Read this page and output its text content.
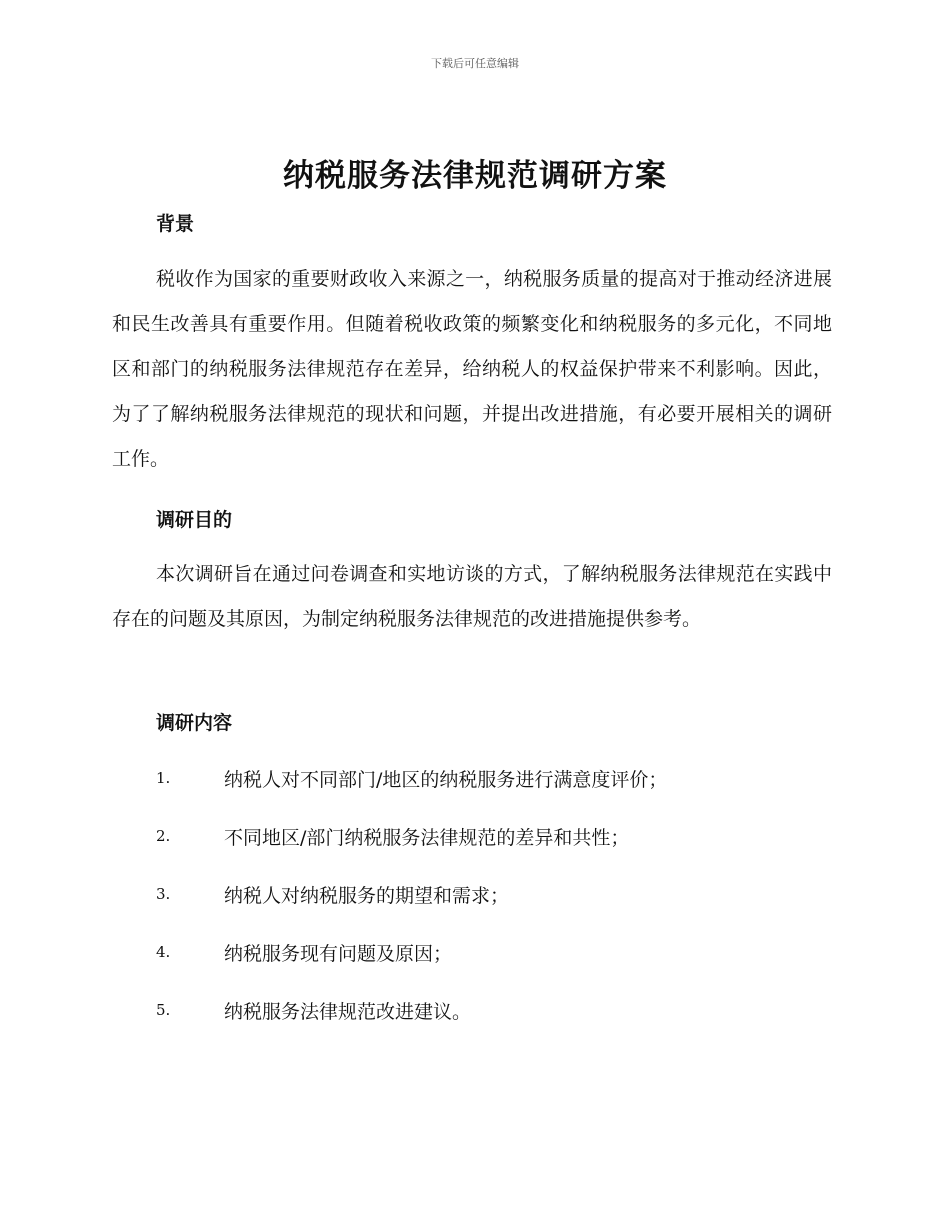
下载后可任意编辑
纳税服务法律规范调研方案
背景

税收作为国家的重要财政收入来源之一，纳税服务质量的提高对于推动经济进展和民生改善具有重要作用。但随着税收政策的频繁变化和纳税服务的多元化，不同地区和部门的纳税服务法律规范存在差异，给纳税人的权益保护带来不利影响。因此，为了了解纳税服务法律规范的现状和问题，并提出改进措施，有必要开展相关的调研工作。

调研目的

本次调研旨在通过问卷调查和实地访谈的方式，了解纳税服务法律规范在实践中存在的问题及其原因，为制定纳税服务法律规范的改进措施提供参考。

调研内容
1.	纳税人对不同部门/地区的纳税服务进行满意度评价；
2.	不同地区/部门纳税服务法律规范的差异和共性；
3.	纳税人对纳税服务的期望和需求；
4.	纳税服务现有问题及原因；
5.	纳税服务法律规范改进建议。
